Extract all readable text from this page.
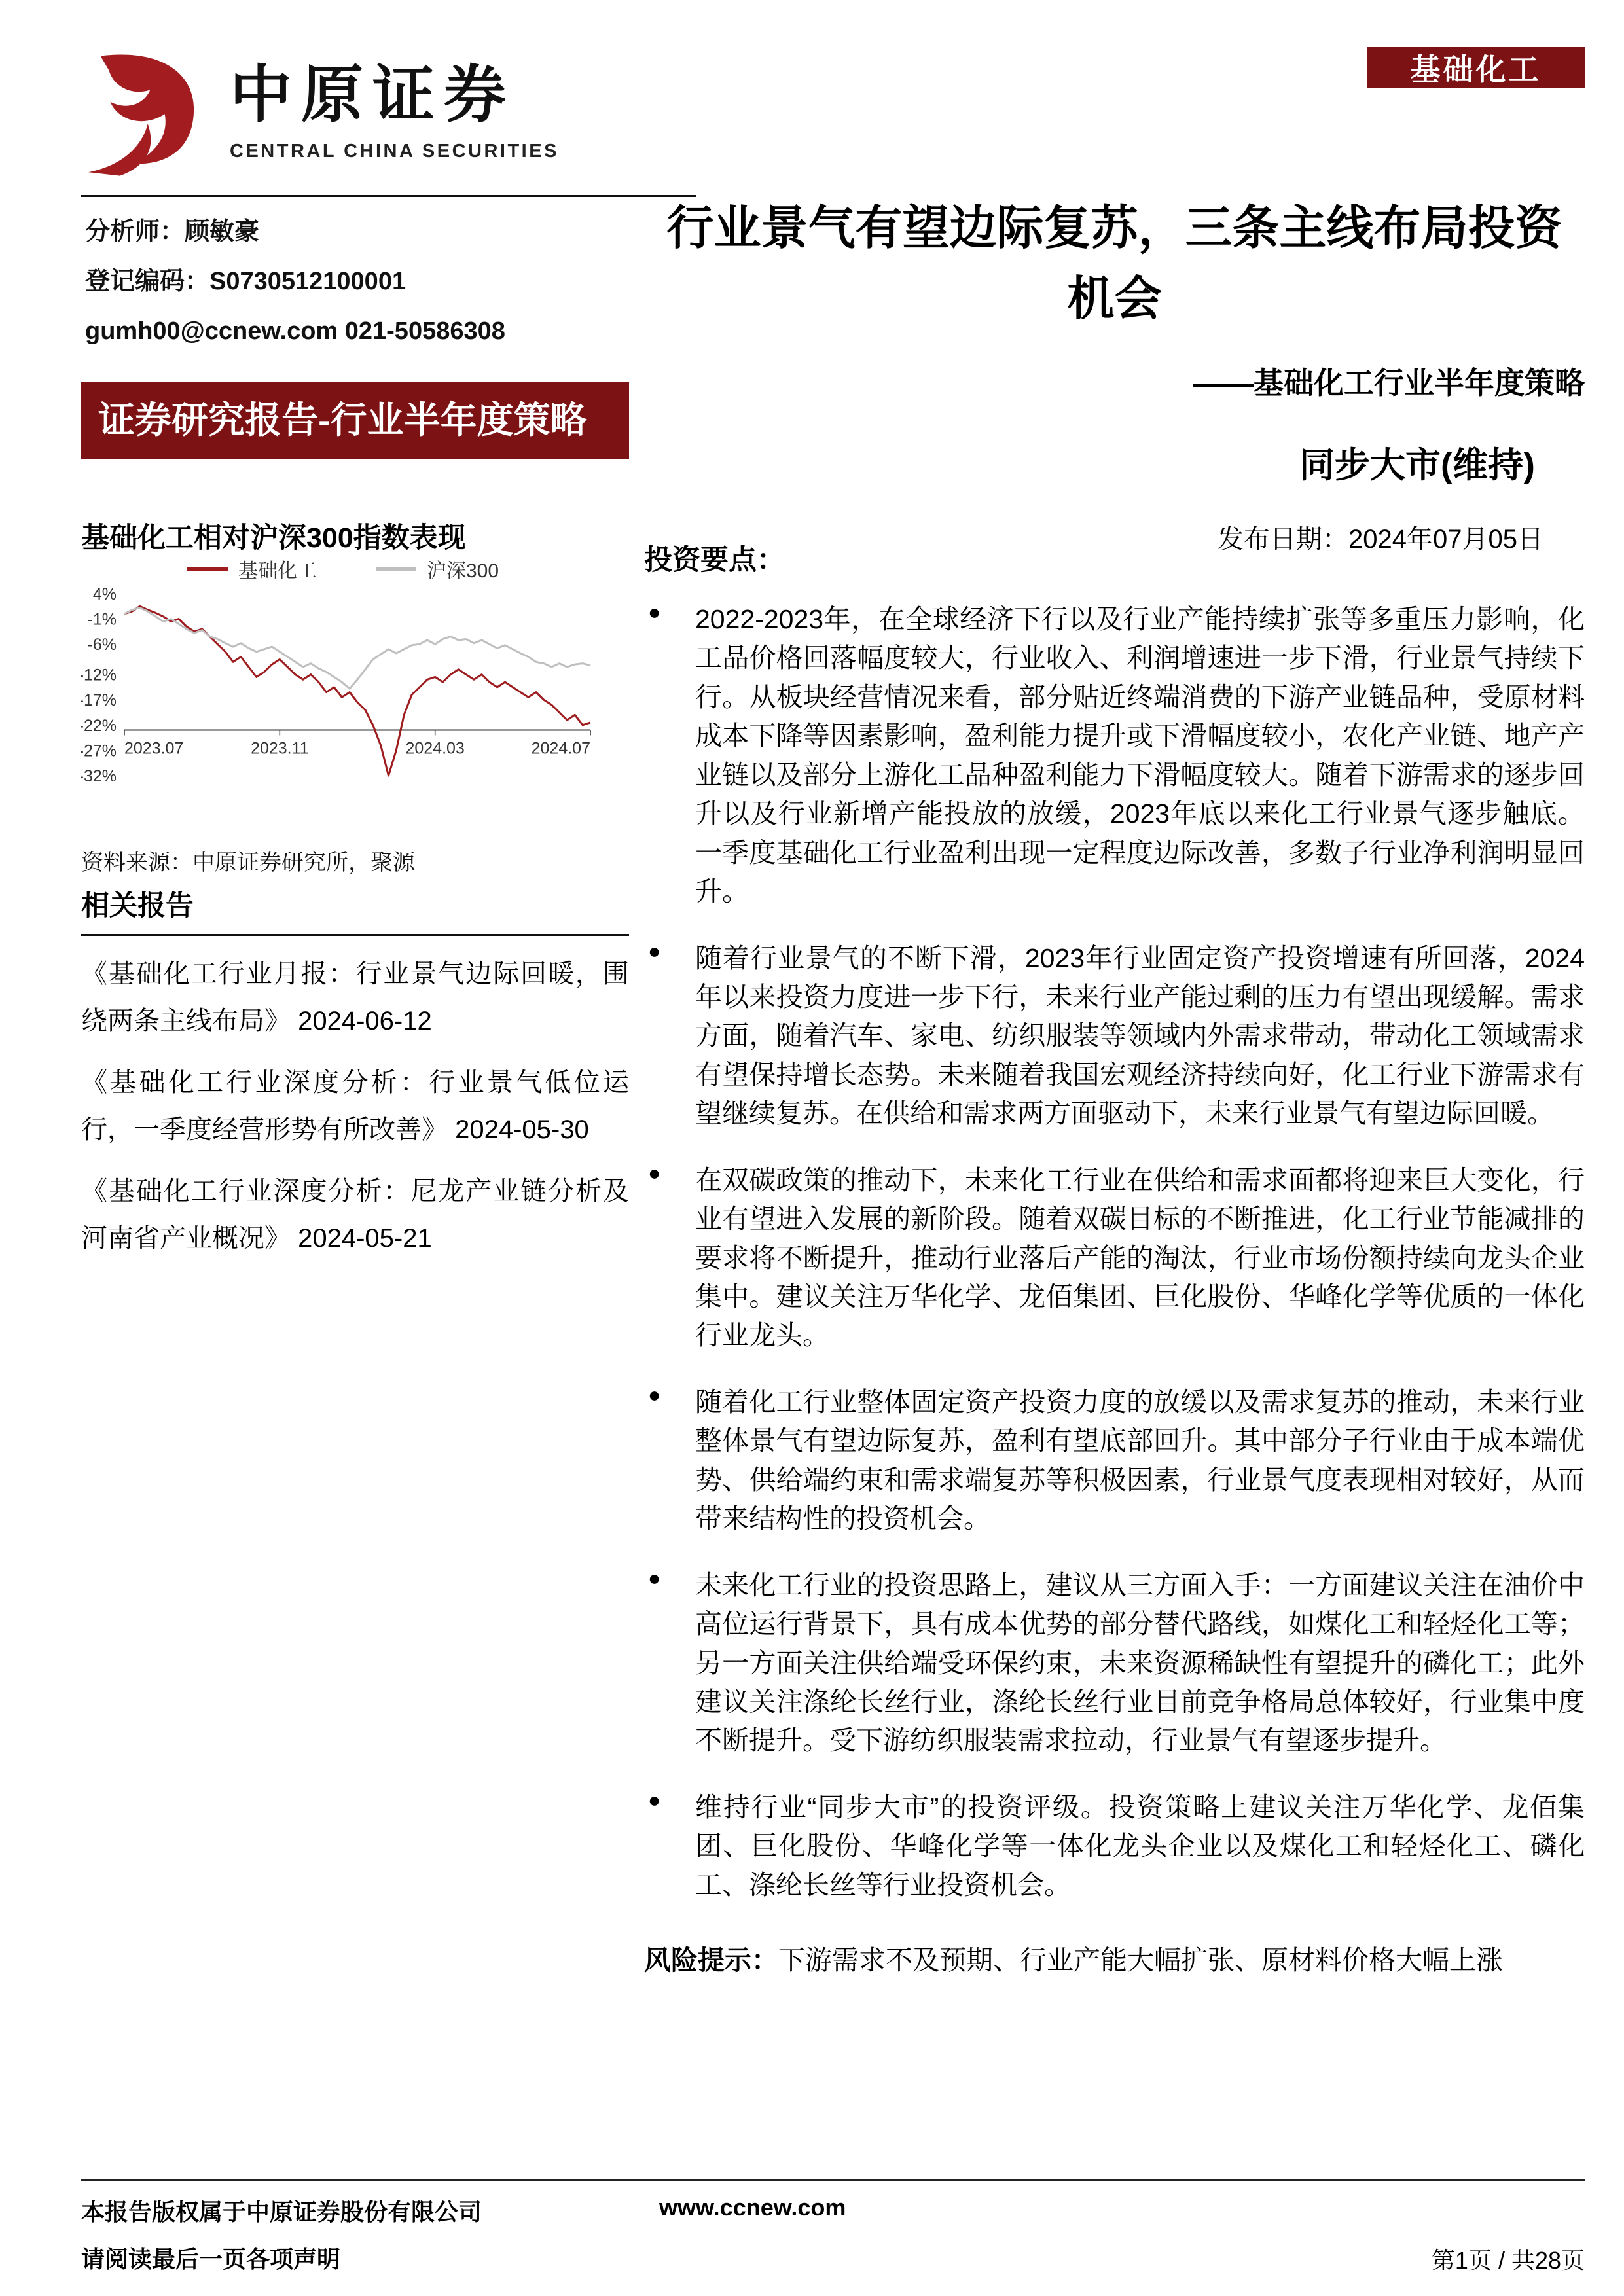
中原证券
CENTRAL CHINA SECURITIES
基础化工
分析师：顾敏豪
登记编码：S0730512100001
gumh00@ccnew.com 021-50586308
行业景气有望边际复苏，三条主线布局投资机会
——基础化工行业半年度策略
证券研究报告-行业半年度策略
同步大市(维持)
基础化工相对沪深300指数表现	发布日期：2024年07月05日
基础化工	沪深300
4%
-1%
-6%
-12%
-17%
-22%
-27%
-32%
2023.07	2023.11	2024.03	2024.07
资料来源：中原证券研究所，聚源
相关报告

《基础化工行业月报：行业景气边际回暖，围绕两条主线布局》 2024-06-12

《基础化工行业深度分析：行业景气低位运行，一季度经营形势有所改善》 2024-05-30

《基础化工行业深度分析：尼龙产业链分析及河南省产业概况》 2024-05-21

投资要点：
● 2022-2023年，在全球经济下行以及行业产能持续扩张等多重压力影响，化工品价格回落幅度较大，行业收入、利润增速进一步下滑，行业景气持续下行。从板块经营情况来看，部分贴近终端消费的下游产业链品种，受原材料成本下降等因素影响，盈利能力提升或下滑幅度较小，农化产业链、地产产业链以及部分上游化工品种盈利能力下滑幅度较大。随着下游需求的逐步回升以及行业新增产能投放的放缓，2023年底以来化工行业景气逐步触底。一季度基础化工行业盈利出现一定程度边际改善，多数子行业净利润明显回升。

● 随着行业景气的不断下滑，2023年行业固定资产投资增速有所回落，2024年以来投资力度进一步下行，未来行业产能过剩的压力有望出现缓解。需求方面，随着汽车、家电、纺织服装等领域内外需求带动，带动化工领域需求有望保持增长态势。未来随着我国宏观经济持续向好，化工行业下游需求有望继续复苏。在供给和需求两方面驱动下，未来行业景气有望边际回暖。

● 在双碳政策的推动下，未来化工行业在供给和需求面都将迎来巨大变化，行业有望进入发展的新阶段。随着双碳目标的不断推进，化工行业节能减排的要求将不断提升，推动行业落后产能的淘汰，行业市场份额持续向龙头企业集中。建议关注万华化学、龙佰集团、巨化股份、华峰化学等优质的一体化行业龙头。

● 随着化工行业整体固定资产投资力度的放缓以及需求复苏的推动，未来行业整体景气有望边际复苏，盈利有望底部回升。其中部分子行业由于成本端优势、供给端约束和需求端复苏等积极因素，行业景气度表现相对较好，从而带来结构性的投资机会。

● 未来化工行业的投资思路上，建议从三方面入手：一方面建议关注在油价中高位运行背景下，具有成本优势的部分替代路线，如煤化工和轻烃化工等；另一方面关注供给端受环保约束，未来资源稀缺性有望提升的磷化工；此外建议关注涤纶长丝行业，涤纶长丝行业目前竞争格局总体较好，行业集中度不断提升。受下游纺织服装需求拉动，行业景气有望逐步提升。

● 维持行业“同步大市”的投资评级。投资策略上建议关注万华化学、龙佰集团、巨化股份、华峰化学等一体化龙头企业以及煤化工和轻烃化工、磷化工、涤纶长丝等行业投资机会。

风险提示：下游需求不及预期、行业产能大幅扩张、原材料价格大幅上涨

本报告版权属于中原证券股份有限公司	www.ccnew.com
请阅读最后一页各项声明	第1页 / 共28页
